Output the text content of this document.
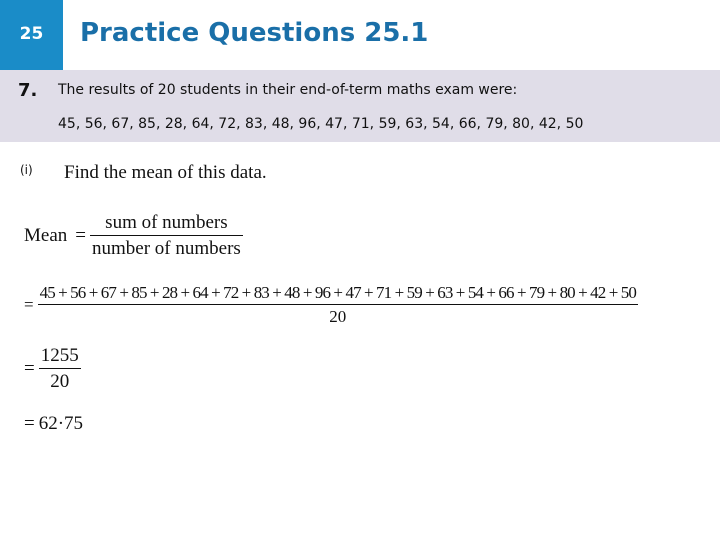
25	Practice Questions 25.1
7. The results of 20 students in their end-of-term maths exam were:
45, 56, 67, 85, 28, 64, 72, 83, 48, 96, 47, 71, 59, 63, 54, 66, 79, 80, 42, 50
(i) Find the mean of this data.
Mean = $\frac{\text{sum of numbers}}{\text{number of numbers}}$
=
45 + 56 + 67 + 85 + 28 + 64 + 72 + 83 + 48 + 96 + 47 + 71 + 59 + 63 + 54 + 66 + 79 + 80 + 42 + 50
20
= $\frac{1255}{20}$
= 62·75
